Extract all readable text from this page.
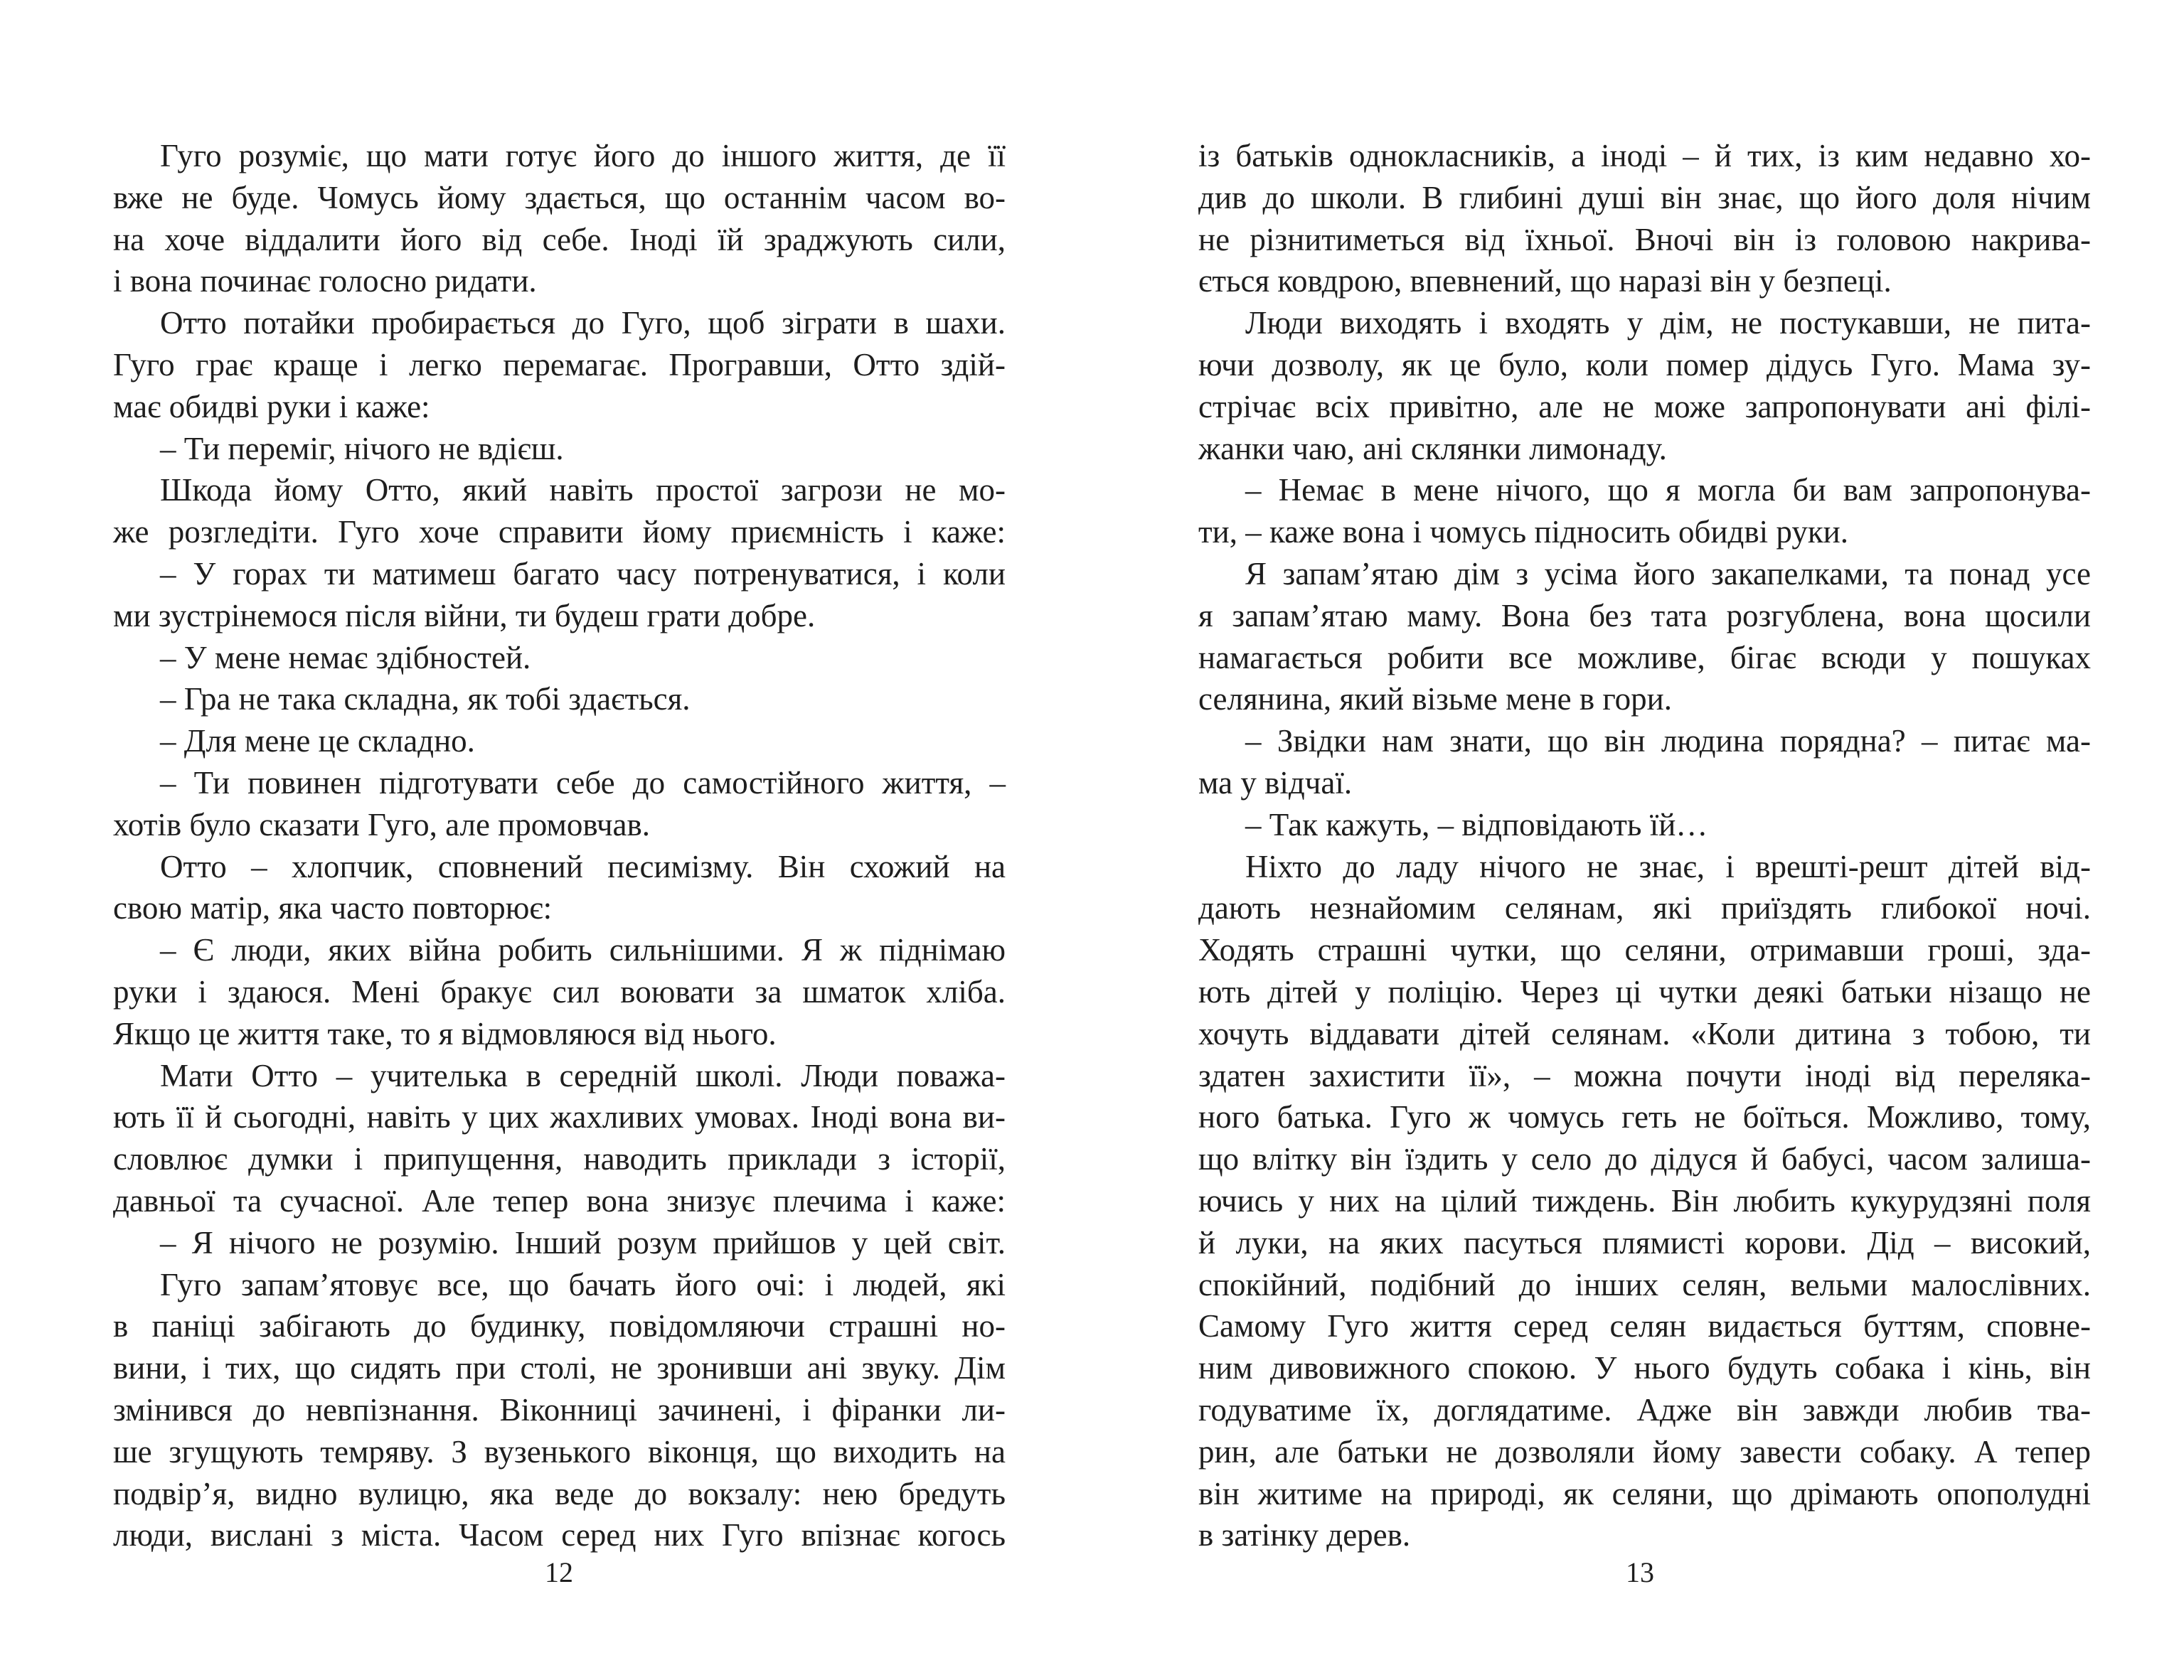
Гуго розуміє, що мати готує його до іншого життя, де її
вже не буде. Чомусь йому здається, що останнім часом во-
на хоче віддалити його від себе. Іноді їй зраджують сили,
і вона починає голосно ридати.
Отто потайки пробирається до Гуго, щоб зіграти в шахи.
Гуго грає краще і легко перемагає. Програвши, Отто здій-
має обидві руки і каже:
– Ти переміг, нічого не вдієш.
Шкода йому Отто, який навіть простої загрози не мо-
же розгледіти. Гуго хоче справити йому приємність і каже:
– У горах ти матимеш багато часу потренуватися, і коли
ми зустрінемося після війни, ти будеш грати добре.
– У мене немає здібностей.
– Гра не така складна, як тобі здається.
– Для мене це складно.
– Ти повинен підготувати себе до самостійного життя, –
хотів було сказати Гуго, але промовчав.
Отто – хлопчик, сповнений песимізму. Він схожий на
свою матір, яка часто повторює:
– Є люди, яких війна робить сильнішими. Я ж піднімаю
руки і здаюся. Мені бракує сил воювати за шматок хліба.
Якщо це життя таке, то я відмовляюся від нього.
Мати Отто – учителька в середній школі. Люди поважа-
ють її й сьогодні, навіть у цих жахливих умовах. Іноді вона ви-
словлює думки і припущення, наводить приклади з історії,
давньої та сучасної. Але тепер вона знизує плечима і каже:
– Я нічого не розумію. Інший розум прийшов у цей світ.
Гуго запам’ятовує все, що бачать його очі: і людей, які
в паніці забігають до будинку, повідомляючи страшні но-
вини, і тих, що сидять при столі, не зронивши ані звуку. Дім
змінився до невпізнання. Віконниці зачинені, і фіранки ли-
ше згущують темряву. З вузенького віконця, що виходить на
подвір’я, видно вулицю, яка веде до вокзалу: нею бредуть
люди, вислані з міста. Часом серед них Гуго впізнає когось
12
із батьків однокласників, а іноді – й тих, із ким недавно хо-
див до школи. В глибині душі він знає, що його доля нічим
не різнитиметься від їхньої. Вночі він із головою накрива-
ється ковдрою, впевнений, що наразі він у безпеці.
Люди виходять і входять у дім, не постукавши, не пита-
ючи дозволу, як це було, коли помер дідусь Гуго. Мама зу-
стрічає всіх привітно, але не може запропонувати ані філі-
жанки чаю, ані склянки лимонаду.
– Немає в мене нічого, що я могла би вам запропонува-
ти, – каже вона і чомусь підносить обидві руки.
Я запам’ятаю дім з усіма його закапелками, та понад усе
я запам’ятаю маму. Вона без тата розгублена, вона щосили
намагається робити все можливе, бігає всюди у пошуках
селянина, який візьме мене в гори.
– Звідки нам знати, що він людина порядна? – питає ма-
ма у відчаї.
– Так кажуть, – відповідають їй…
Ніхто до ладу нічого не знає, і врешті-решт дітей від-
дають незнайомим селянам, які приїздять глибокої ночі.
Ходять страшні чутки, що селяни, отримавши гроші, зда-
ють дітей у поліцію. Через ці чутки деякі батьки нізащо не
хочуть віддавати дітей селянам. «Коли дитина з тобою, ти
здатен захистити її», – можна почути іноді від переляка-
ного батька. Гуго ж чомусь геть не боїться. Можливо, тому,
що влітку він їздить у село до дідуся й бабусі, часом залиша-
ючись у них на цілий тиждень. Він любить кукурудзяні поля
й луки, на яких пасуться плямисті корови. Дід – високий,
спокійний, подібний до інших селян, вельми малослівних.
Самому Гуго життя серед селян видається буттям, сповне-
ним дивовижного спокою. У нього будуть собака і кінь, він
годуватиме їх, доглядатиме. Адже він завжди любив тва-
рин, але батьки не дозволяли йому завести собаку. А тепер
він житиме на природі, як селяни, що дрімають опополудні
в затінку дерев.
13
